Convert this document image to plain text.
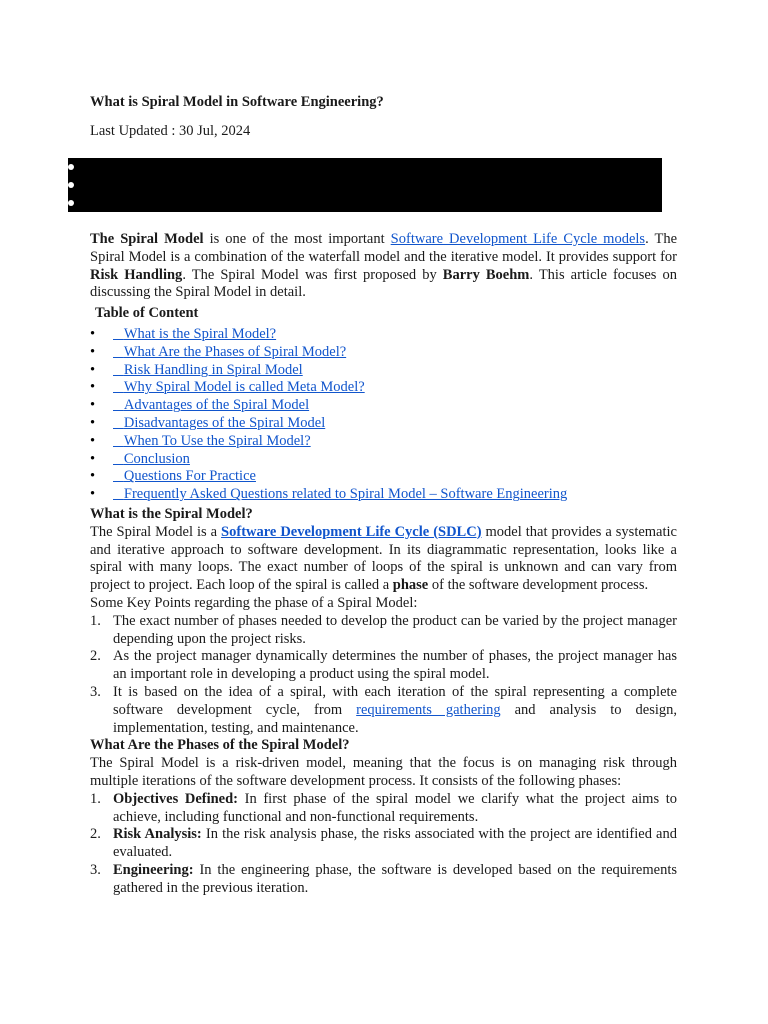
What is Spiral Model in Software Engineering?
Last Updated : 30 Jul, 2024
The Spiral Model is one of the most important Software Development Life Cycle models. The Spiral Model is a combination of the waterfall model and the iterative model. It provides support for Risk Handling. The Spiral Model was first proposed by Barry Boehm. This article focuses on discussing the Spiral Model in detail.
Table of Content
• What is the Spiral Model?
• What Are the Phases of Spiral Model?
• Risk Handling in Spiral Model
• Why Spiral Model is called Meta Model?
• Advantages of the Spiral Model
• Disadvantages of the Spiral Model
• When To Use the Spiral Model?
• Conclusion
• Questions For Practice
• Frequently Asked Questions related to Spiral Model – Software Engineering
What is the Spiral Model?
The Spiral Model is a Software Development Life Cycle (SDLC) model that provides a systematic and iterative approach to software development. In its diagrammatic representation, looks like a spiral with many loops. The exact number of loops of the spiral is unknown and can vary from project to project. Each loop of the spiral is called a phase of the software development process.
Some Key Points regarding the phase of a Spiral Model:
1. The exact number of phases needed to develop the product can be varied by the project manager depending upon the project risks.
2. As the project manager dynamically determines the number of phases, the project manager has an important role in developing a product using the spiral model.
3. It is based on the idea of a spiral, with each iteration of the spiral representing a complete software development cycle, from requirements gathering and analysis to design, implementation, testing, and maintenance.
What Are the Phases of the Spiral Model?
The Spiral Model is a risk-driven model, meaning that the focus is on managing risk through multiple iterations of the software development process. It consists of the following phases:
1. Objectives Defined: In first phase of the spiral model we clarify what the project aims to achieve, including functional and non-functional requirements.
2. Risk Analysis: In the risk analysis phase, the risks associated with the project are identified and evaluated.
3. Engineering: In the engineering phase, the software is developed based on the requirements gathered in the previous iteration.
